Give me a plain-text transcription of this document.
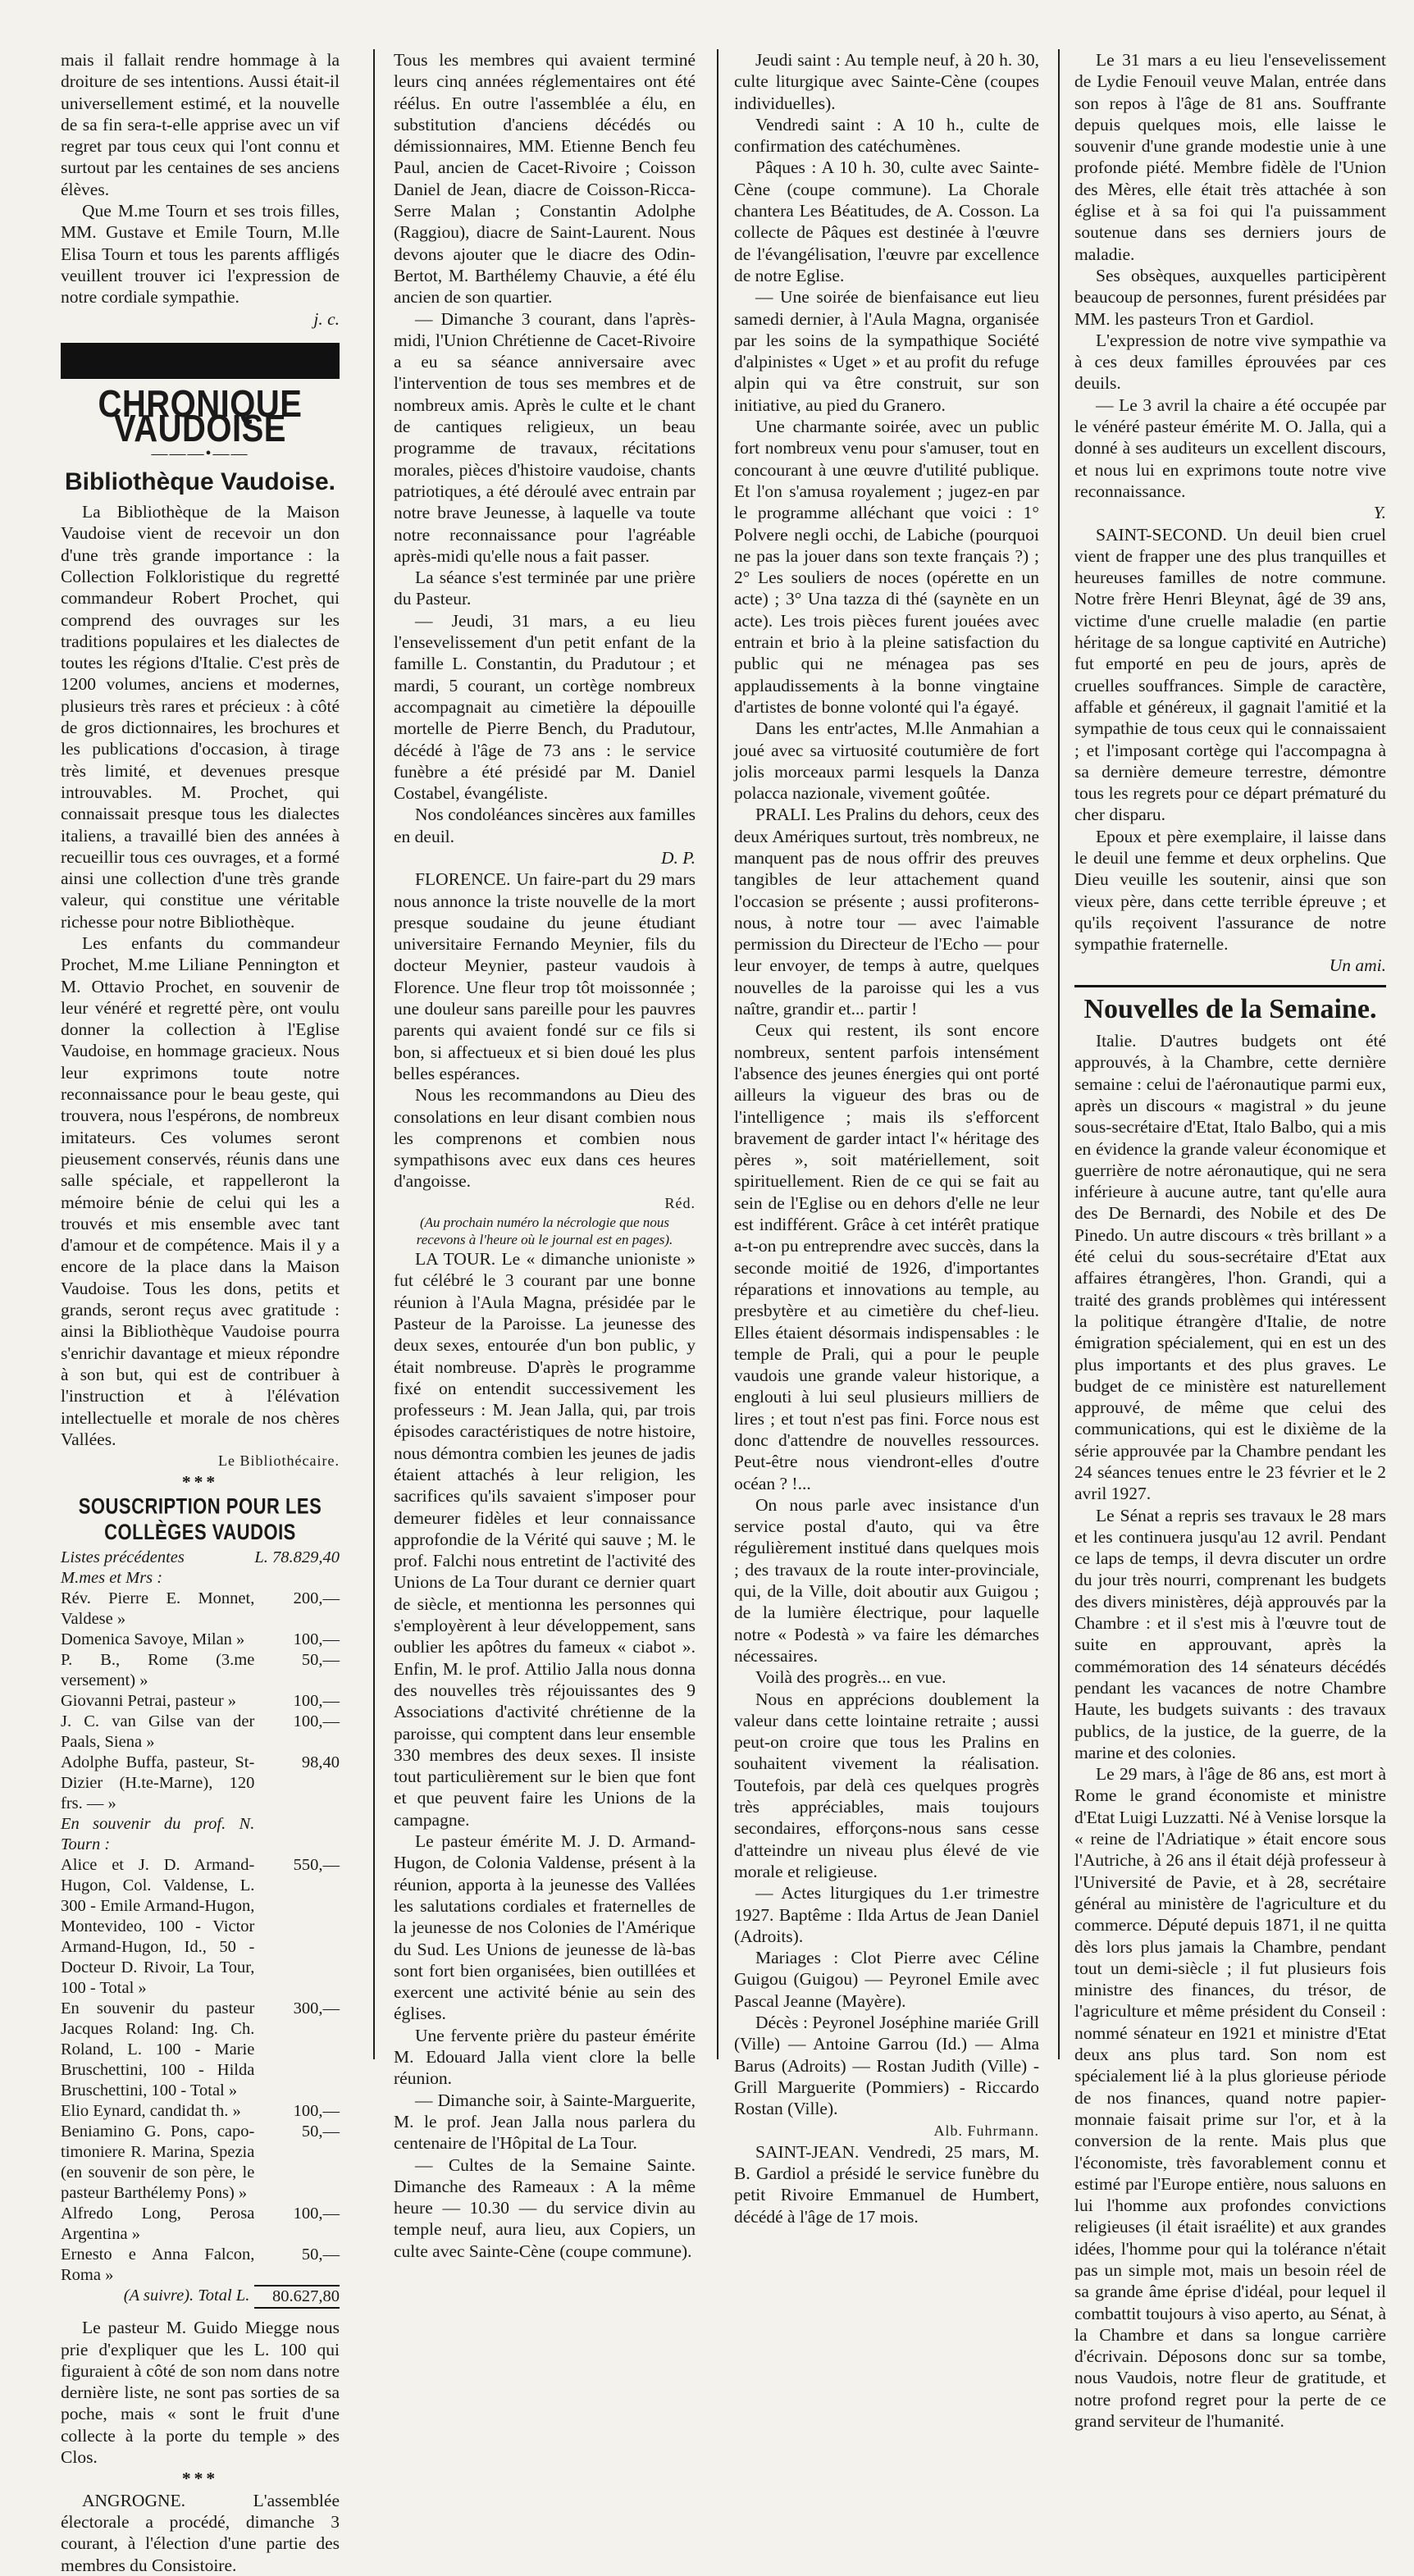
mais il fallait rendre hommage à la droiture de ses intentions. Aussi était-il universellement estimé, et la nouvelle de sa fin sera-t-elle apprise avec un vif regret par tous ceux qui l'ont connu et surtout par les centaines de ses anciens élèves.

Que M.me Tourn et ses trois filles, MM. Gustave et Emile Tourn, M.lle Elisa Tourn et tous les parents affligés veuillent trouver ici l'expression de notre cordiale sympathie.

j. c.

CHRONIQUE VAUDOISE
———•——
Bibliothèque Vaudoise.

La Bibliothèque de la Maison Vaudoise vient de recevoir un don d'une très grande importance : la Collection Folkloristique du regretté commandeur Robert Prochet, qui comprend des ouvrages sur les traditions populaires et les dialectes de toutes les régions d'Italie. C'est près de 1200 volumes, anciens et modernes, plusieurs très rares et précieux : à côté de gros dictionnaires, les brochures et les publications d'occasion, à tirage très limité, et devenues presque introuvables. M. Prochet, qui connaissait presque tous les dialectes italiens, a travaillé bien des années à recueillir tous ces ouvrages, et a formé ainsi une collection d'une très grande valeur, qui constitue une véritable richesse pour notre Bibliothèque.

Les enfants du commandeur Prochet, M.me Liliane Pennington et M. Ottavio Prochet, en souvenir de leur vénéré et regretté père, ont voulu donner la collection à l'Eglise Vaudoise, en hommage gracieux. Nous leur exprimons toute notre reconnaissance pour le beau geste, qui trouvera, nous l'espérons, de nombreux imitateurs. Ces volumes seront pieusement conservés, réunis dans une salle spéciale, et rappelleront la mémoire bénie de celui qui les a trouvés et mis ensemble avec tant d'amour et de compétence. Mais il y a encore de la place dans la Maison Vaudoise. Tous les dons, petits et grands, seront reçus avec gratitude : ainsi la Bibliothèque Vaudoise pourra s'enrichir davantage et mieux répondre à son but, qui est de contribuer à l'instruction et à l'élévation intellectuelle et morale de nos chères Vallées.

Le Bibliothécaire.

***

SOUSCRIPTION POUR LES COLLÈGES VAUDOIS
Listes précédentes	L. 78.829,40
M.mes et Mrs :	
Rév. Pierre E. Monnet, Valdese »	200,—
Domenica Savoye, Milan »	100,—
P. B., Rome (3.me versement) »	50,—
Giovanni Petrai, pasteur »	100,—
J. C. van Gilse van der Paals, Siena »	100,—
Adolphe Buffa, pasteur, St-Dizier (H.te-Marne), 120 frs. — »	98,40
En souvenir du prof. N. Tourn :	
Alice et J. D. Armand-Hugon, Col. Valdense, L. 300 - Emile Armand-Hugon, Montevideo, 100 - Victor Armand-Hugon, Id., 50 - Docteur D. Rivoir, La Tour, 100 - Total »	550,—
En souvenir du pasteur Jacques Roland: Ing. Ch. Roland, L. 100 - Marie Bruschettini, 100 - Hilda Bruschettini, 100 - Total »	300,—
Elio Eynard, candidat th. »	100,—
Beniamino G. Pons, capo-timoniere R. Marina, Spezia (en souvenir de son père, le pasteur Barthélemy Pons) »	50,—
Alfredo Long, Perosa Argentina »	100,—
Ernesto e Anna Falcon, Roma »	50,—
(A suivre). Total L.	80.627,80

Le pasteur M. Guido Miegge nous prie d'expliquer que les L. 100 qui figuraient à côté de son nom dans notre dernière liste, ne sont pas sorties de sa poche, mais « sont le fruit d'une collecte à la porte du temple » des Clos.

***

ANGROGNE. L'assemblée électorale a procédé, dimanche 3 courant, à l'élection d'une partie des membres du Consistoire.

Tous les membres qui avaient terminé leurs cinq années réglementaires ont été réélus. En outre l'assemblée a élu, en substitution d'anciens décédés ou démissionnaires, MM. Etienne Bench feu Paul, ancien de Cacet-Rivoire ; Coisson Daniel de Jean, diacre de Coisson-Ricca-Serre Malan ; Constantin Adolphe (Raggiou), diacre de Saint-Laurent. Nous devons ajouter que le diacre des Odin-Bertot, M. Barthélemy Chauvie, a été élu ancien de son quartier.

— Dimanche 3 courant, dans l'après-midi, l'Union Chrétienne de Cacet-Rivoire a eu sa séance anniversaire avec l'intervention de tous ses membres et de nombreux amis. Après le culte et le chant de cantiques religieux, un beau programme de travaux, récitations morales, pièces d'histoire vaudoise, chants patriotiques, a été déroulé avec entrain par notre brave Jeunesse, à laquelle va toute notre reconnaissance pour l'agréable après-midi qu'elle nous a fait passer.

La séance s'est terminée par une prière du Pasteur.

— Jeudi, 31 mars, a eu lieu l'ensevelissement d'un petit enfant de la famille L. Constantin, du Pradutour ; et mardi, 5 courant, un cortège nombreux accompagnait au cimetière la dépouille mortelle de Pierre Bench, du Pradutour, décédé à l'âge de 73 ans : le service funèbre a été présidé par M. Daniel Costabel, évangéliste.

Nos condoléances sincères aux familles en deuil.

D. P.

FLORENCE. Un faire-part du 29 mars nous annonce la triste nouvelle de la mort presque soudaine du jeune étudiant universitaire Fernando Meynier, fils du docteur Meynier, pasteur vaudois à Florence. Une fleur trop tôt moissonnée ; une douleur sans pareille pour les pauvres parents qui avaient fondé sur ce fils si bon, si affectueux et si bien doué les plus belles espérances.

Nous les recommandons au Dieu des consolations en leur disant combien nous les comprenons et combien nous sympathisons avec eux dans ces heures d'angoisse.

Réd.

(Au prochain numéro la nécrologie que nous recevons à l'heure où le journal est en pages).

LA TOUR. Le « dimanche unioniste » fut célébré le 3 courant par une bonne réunion à l'Aula Magna, présidée par le Pasteur de la Paroisse. La jeunesse des deux sexes, entourée d'un bon public, y était nombreuse. D'après le programme fixé on entendit successivement les professeurs : M. Jean Jalla, qui, par trois épisodes caractéristiques de notre histoire, nous démontra combien les jeunes de jadis étaient attachés à leur religion, les sacrifices qu'ils savaient s'imposer pour demeurer fidèles et leur connaissance approfondie de la Vérité qui sauve ; M. le prof. Falchi nous entretint de l'activité des Unions de La Tour durant ce dernier quart de siècle, et mentionna les personnes qui s'employèrent à leur développement, sans oublier les apôtres du fameux « ciabot ». Enfin, M. le prof. Attilio Jalla nous donna des nouvelles très réjouissantes des 9 Associations d'activité chrétienne de la paroisse, qui comptent dans leur ensemble 330 membres des deux sexes. Il insiste tout particulièrement sur le bien que font et que peuvent faire les Unions de la campagne.

Le pasteur émérite M. J. D. Armand-Hugon, de Colonia Valdense, présent à la réunion, apporta à la jeunesse des Vallées les salutations cordiales et fraternelles de la jeunesse de nos Colonies de l'Amérique du Sud. Les Unions de jeunesse de là-bas sont fort bien organisées, bien outillées et exercent une activité bénie au sein des églises.

Une fervente prière du pasteur émérite M. Edouard Jalla vient clore la belle réunion.

— Dimanche soir, à Sainte-Marguerite, M. le prof. Jean Jalla nous parlera du centenaire de l'Hôpital de La Tour.

— Cultes de la Semaine Sainte. Dimanche des Rameaux : A la même heure — 10.30 — du service divin au temple neuf, aura lieu, aux Copiers, un culte avec Sainte-Cène (coupe commune).

Jeudi saint : Au temple neuf, à 20 h. 30, culte liturgique avec Sainte-Cène (coupes individuelles).

Vendredi saint : A 10 h., culte de confirmation des catéchumènes.

Pâques : A 10 h. 30, culte avec Sainte-Cène (coupe commune). La Chorale chantera Les Béatitudes, de A. Cosson. La collecte de Pâques est destinée à l'œuvre de l'évangélisation, l'œuvre par excellence de notre Eglise.

— Une soirée de bienfaisance eut lieu samedi dernier, à l'Aula Magna, organisée par les soins de la sympathique Société d'alpinistes « Uget » et au profit du refuge alpin qui va être construit, sur son initiative, au pied du Granero.

Une charmante soirée, avec un public fort nombreux venu pour s'amuser, tout en concourant à une œuvre d'utilité publique. Et l'on s'amusa royalement ; jugez-en par le programme alléchant que voici : 1° Polvere negli occhi, de Labiche (pourquoi ne pas la jouer dans son texte français ?) ; 2° Les souliers de noces (opérette en un acte) ; 3° Una tazza di thé (saynète en un acte). Les trois pièces furent jouées avec entrain et brio à la pleine satisfaction du public qui ne ménagea pas ses applaudissements à la bonne vingtaine d'artistes de bonne volonté qui l'a égayé.

Dans les entr'actes, M.lle Anmahian a joué avec sa virtuosité coutumière de fort jolis morceaux parmi lesquels la Danza polacca nazionale, vivement goûtée.

PRALI. Les Pralins du dehors, ceux des deux Amériques surtout, très nombreux, ne manquent pas de nous offrir des preuves tangibles de leur attachement quand l'occasion se présente ; aussi profiterons-nous, à notre tour — avec l'aimable permission du Directeur de l'Echo — pour leur envoyer, de temps à autre, quelques nouvelles de la paroisse qui les a vus naître, grandir et... partir !

Ceux qui restent, ils sont encore nombreux, sentent parfois intensément l'absence des jeunes énergies qui ont porté ailleurs la vigueur des bras ou de l'intelligence ; mais ils s'efforcent bravement de garder intact l'« héritage des pères », soit matériellement, soit spirituellement. Rien de ce qui se fait au sein de l'Eglise ou en dehors d'elle ne leur est indifférent. Grâce à cet intérêt pratique a-t-on pu entreprendre avec succès, dans la seconde moitié de 1926, d'importantes réparations et innovations au temple, au presbytère et au cimetière du chef-lieu. Elles étaient désormais indispensables : le temple de Prali, qui a pour le peuple vaudois une grande valeur historique, a englouti à lui seul plusieurs milliers de lires ; et tout n'est pas fini. Force nous est donc d'attendre de nouvelles ressources. Peut-être nous viendront-elles d'outre océan ? !...

On nous parle avec insistance d'un service postal d'auto, qui va être régulièrement institué dans quelques mois ; des travaux de la route inter-provinciale, qui, de la Ville, doit aboutir aux Guigou ; de la lumière électrique, pour laquelle notre « Podestà » va faire les démarches nécessaires.

Voilà des progrès... en vue.

Nous en apprécions doublement la valeur dans cette lointaine retraite ; aussi peut-on croire que tous les Pralins en souhaitent vivement la réalisation. Toutefois, par delà ces quelques progrès très appréciables, mais toujours secondaires, efforçons-nous sans cesse d'atteindre un niveau plus élevé de vie morale et religieuse.

— Actes liturgiques du 1.er trimestre 1927. Baptême : Ilda Artus de Jean Daniel (Adroits).

Mariages : Clot Pierre avec Céline Guigou (Guigou) — Peyronel Emile avec Pascal Jeanne (Mayère).

Décès : Peyronel Joséphine mariée Grill (Ville) — Antoine Garrou (Id.) — Alma Barus (Adroits) — Rostan Judith (Ville) - Grill Marguerite (Pommiers) - Riccardo Rostan (Ville).

Alb. Fuhrmann.

SAINT-JEAN. Vendredi, 25 mars, M. B. Gardiol a présidé le service funèbre du petit Rivoire Emmanuel de Humbert, décédé à l'âge de 17 mois.

Le 31 mars a eu lieu l'ensevelissement de Lydie Fenouil veuve Malan, entrée dans son repos à l'âge de 81 ans. Souffrante depuis quelques mois, elle laisse le souvenir d'une grande modestie unie à une profonde piété. Membre fidèle de l'Union des Mères, elle était très attachée à son église et à sa foi qui l'a puissamment soutenue dans ses derniers jours de maladie.

Ses obsèques, auxquelles participèrent beaucoup de personnes, furent présidées par MM. les pasteurs Tron et Gardiol.

L'expression de notre vive sympathie va à ces deux familles éprouvées par ces deuils.

— Le 3 avril la chaire a été occupée par le vénéré pasteur émérite M. O. Jalla, qui a donné à ses auditeurs un excellent discours, et nous lui en exprimons toute notre vive reconnaissance.

Y.

SAINT-SECOND. Un deuil bien cruel vient de frapper une des plus tranquilles et heureuses familles de notre commune. Notre frère Henri Bleynat, âgé de 39 ans, victime d'une cruelle maladie (en partie héritage de sa longue captivité en Autriche) fut emporté en peu de jours, après de cruelles souffrances. Simple de caractère, affable et généreux, il gagnait l'amitié et la sympathie de tous ceux qui le connaissaient ; et l'imposant cortège qui l'accompagna à sa dernière demeure terrestre, démontre tous les regrets pour ce départ prématuré du cher disparu.

Epoux et père exemplaire, il laisse dans le deuil une femme et deux orphelins. Que Dieu veuille les soutenir, ainsi que son vieux père, dans cette terrible épreuve ; et qu'ils reçoivent l'assurance de notre sympathie fraternelle.

Un ami.

Nouvelles de la Semaine.

Italie. D'autres budgets ont été approuvés, à la Chambre, cette dernière semaine : celui de l'aéronautique parmi eux, après un discours « magistral » du jeune sous-secrétaire d'Etat, Italo Balbo, qui a mis en évidence la grande valeur économique et guerrière de notre aéronautique, qui ne sera inférieure à aucune autre, tant qu'elle aura des De Bernardi, des Nobile et des De Pinedo. Un autre discours « très brillant » a été celui du sous-secrétaire d'Etat aux affaires étrangères, l'hon. Grandi, qui a traité des grands problèmes qui intéressent la politique étrangère d'Italie, de notre émigration spécialement, qui en est un des plus importants et des plus graves. Le budget de ce ministère est naturellement approuvé, de même que celui des communications, qui est le dixième de la série approuvée par la Chambre pendant les 24 séances tenues entre le 23 février et le 2 avril 1927.

Le Sénat a repris ses travaux le 28 mars et les continuera jusqu'au 12 avril. Pendant ce laps de temps, il devra discuter un ordre du jour très nourri, comprenant les budgets des divers ministères, déjà approuvés par la Chambre : et il s'est mis à l'œuvre tout de suite en approuvant, après la commémoration des 14 sénateurs décédés pendant les vacances de notre Chambre Haute, les budgets suivants : des travaux publics, de la justice, de la guerre, de la marine et des colonies.

Le 29 mars, à l'âge de 86 ans, est mort à Rome le grand économiste et ministre d'Etat Luigi Luzzatti. Né à Venise lorsque la « reine de l'Adriatique » était encore sous l'Autriche, à 26 ans il était déjà professeur à l'Université de Pavie, et à 28, secrétaire général au ministère de l'agriculture et du commerce. Député depuis 1871, il ne quitta dès lors plus jamais la Chambre, pendant tout un demi-siècle ; il fut plusieurs fois ministre des finances, du trésor, de l'agriculture et même président du Conseil : nommé sénateur en 1921 et ministre d'Etat deux ans plus tard. Son nom est spécialement lié à la plus glorieuse période de nos finances, quand notre papier-monnaie faisait prime sur l'or, et à la conversion de la rente. Mais plus que l'économiste, très favorablement connu et estimé par l'Europe entière, nous saluons en lui l'homme aux profondes convictions religieuses (il était israélite) et aux grandes idées, l'homme pour qui la tolérance n'était pas un simple mot, mais un besoin réel de sa grande âme éprise d'idéal, pour lequel il combattit toujours à viso aperto, au Sénat, à la Chambre et dans sa longue carrière d'écrivain. Déposons donc sur sa tombe, nous Vaudois, notre fleur de gratitude, et notre profond regret pour la perte de ce grand serviteur de l'humanité.
